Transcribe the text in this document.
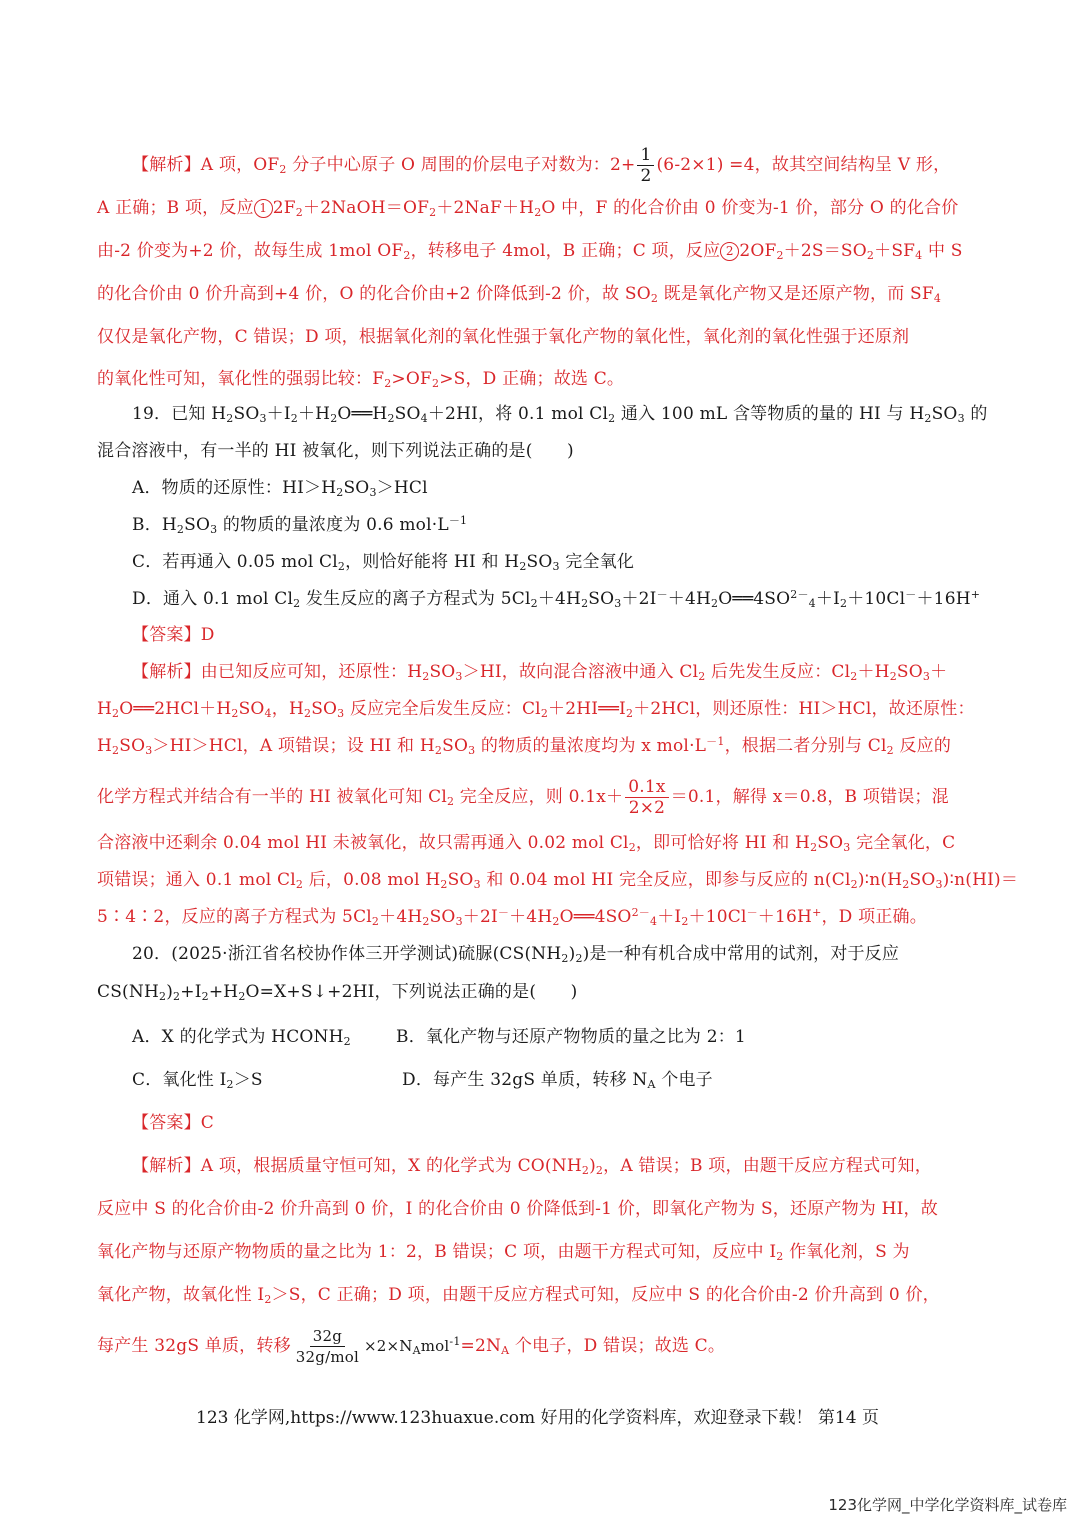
【解析】A 项，$OF_2$ 分子中心原子 O 周围的价层电子对数为：$2+ \frac{1}{2} (6-2\times 1) =4$，故其空间结构呈 V 形，
A 正确；B 项，反应 1 $2F_2+2NaOH=OF_2+2NaF+H_2O$ 中，F 的化合价由 0 价变为-1 价，部分 O 的化合价
由-2 价变为+2 价，故每生成 1mol $OF_2$，转移电子 4mol，B 正确；C 项，反应 2 $2OF_2+2S=SO_2+SF_4$ 中 S
的化合价由 0 价升高到+4 价，O 的化合价由+2 价降低到-2 价，故 $SO_2$ 既是氧化产物又是还原产物，而 $SF_4$
仅仅是氧化产物，C 错误；D 项，根据氧化剂的氧化性强于氧化产物的氧化性，氧化剂的氧化性强于还原剂
的氧化性可知，氧化性的强弱比较：$F_2>OF_2>S$，D 正确；故选 C。
19．已知 $H_2SO_3+I_2+H_2O══H_2SO_4+2HI$，将 0.1 mol $Cl_2$ 通入 100 mL 含等物质的量的 HI 与 $H_2SO_3$ 的
混合溶液中，有一半的 HI 被氧化，则下列说法正确的是(　　)
A．物质的还原性：$HI>H_2SO_3>HCl$
B．$H_2SO_3$ 的物质的量浓度为 0.6 $mol\cdot L^{-1}$
C．若再通入 0.05 mol $Cl_2$，则恰好能将 HI 和 $H_2SO_3$ 完全氧化
D．通入 0.1 mol $Cl_2$ 发生反应的离子方程式为 $5Cl_2+4H_2SO_3+2I^-+4H_2O══4SO^{2-}_4+I_2+10Cl^-+16H^+$
【答案】D
【解析】由已知反应可知，还原性：$H_2SO_3>HI$，故向混合溶液中通入 $Cl_2$ 后先发生反应：$Cl_2+H_2SO_3+$
$H_2O══2HCl+H_2SO_4$，$H_2SO_3$ 反应完全后发生反应：$Cl_2+2HI══I_2+2HCl$，则还原性：HI＞HCl，故还原性：
$H_2SO_3>HI>HCl$，A 项错误；设 HI 和 $H_2SO_3$ 的物质的量浓度均为 x $mol\cdot L^{-1}$，根据二者分别与 $Cl_2$ 反应的
化学方程式并结合有一半的 HI 被氧化可知 $Cl_2$ 完全反应，则 $0.1x+ \frac{0.1x}{2\times 2} =0.1$，解得 x＝0.8，B 项错误；混
合溶液中还剩余 0.04 mol HI 未被氧化，故只需再通入 0.02 mol $Cl_2$，即可恰好将 HI 和 $H_2SO_3$ 完全氧化，C
项错误；通入 0.1 mol $Cl_2$ 后，0.08 mol $H_2SO_3$ 和 0.04 mol HI 完全反应，即参与反应的 $n(Cl_2)∶n(H_2SO_3)∶n(HI)=$
5∶4∶2，反应的离子方程式为 $5Cl_2+4H_2SO_3+2I^-+4H_2O══4SO^{2-}_4+I_2+10Cl^-+16H^+$，D 项正确。
20．(2025·浙江省名校协作体三开学测试)硫脲$(CS(NH_2)_2)$是一种有机合成中常用的试剂，对于反应
$CS(NH_2)_2+I_2+H_2O=X+S↓+2HI$，下列说法正确的是(　　)
A．X 的化学式为 $HCONH_2$	B．氧化产物与还原产物物质的量之比为 2：1
C．氧化性 $I_2>S$	D．每产生 32gS 单质，转移 $N_A$ 个电子
【答案】C
【解析】A 项，根据质量守恒可知，X 的化学式为 $CO(NH_2)_2$，A 错误；B 项，由题干反应方程式可知，
反应中 S 的化合价由-2 价升高到 0 价，I 的化合价由 0 价降低到-1 价，即氧化产物为 S，还原产物为 HI，故
氧化产物与还原产物物质的量之比为 1：2，B 错误；C 项，由题干方程式可知，反应中 $I_2$ 作氧化剂，S 为
氧化产物，故氧化性 $I_2>S$，C 正确；D 项，由题干反应方程式可知，反应中 S 的化合价由-2 价升高到 0 价，
每产生 32gS 单质，转移 $\frac{32g}{\text{32g/mol}} \times 2\times N_Amol^{-1}=2N_A$ 个电子，D 错误；故选 C。
123 化学网,https://www.123huaxue.com 好用的化学资料库，欢迎登录下载！ 第14 页
123化学网_中学化学资料库_试卷库
